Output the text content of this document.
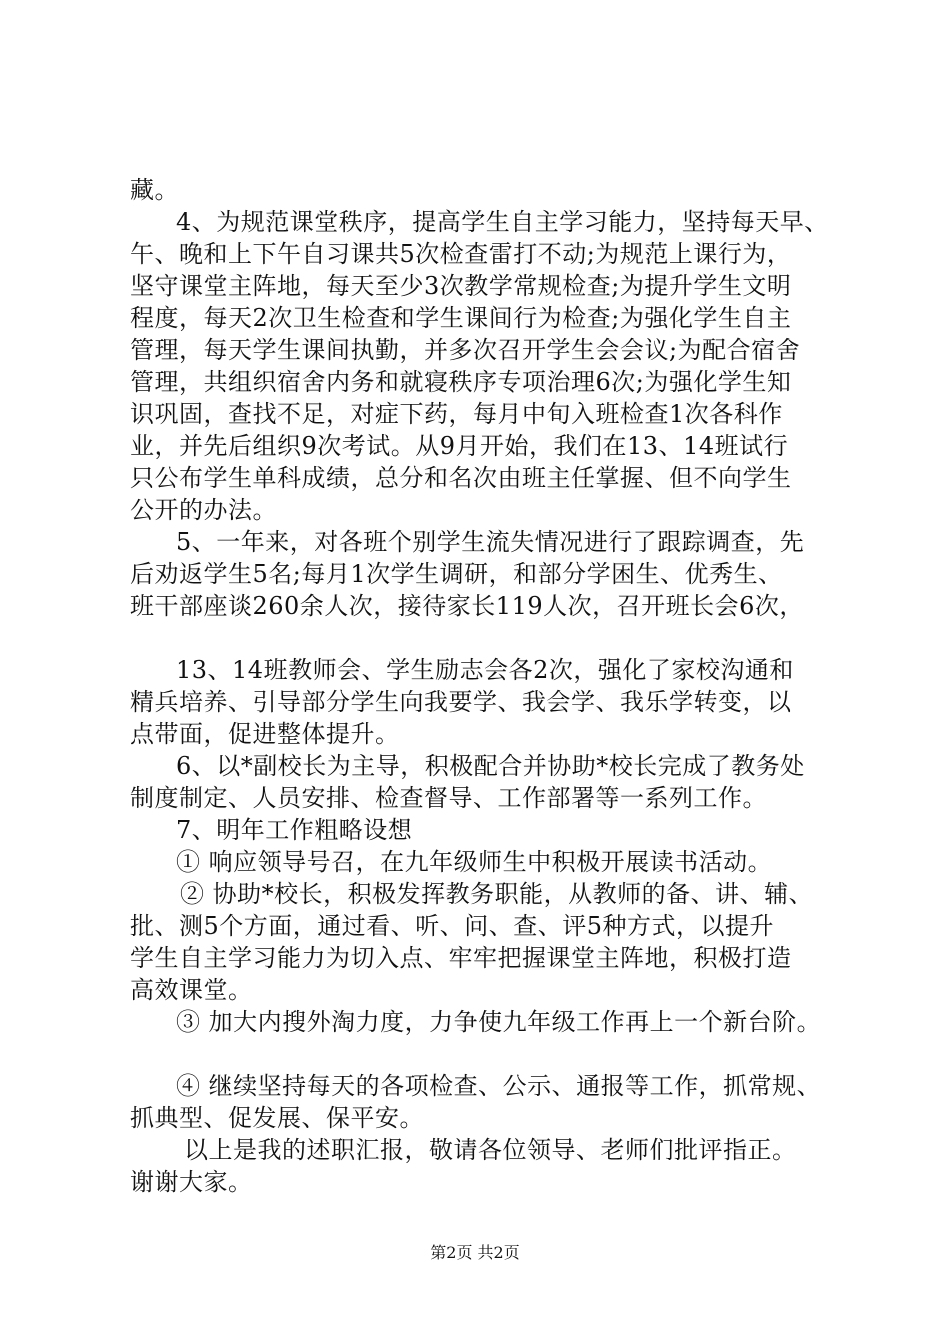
藏。
4、为规范课堂秩序，提高学生自主学习能力，坚持每天早、
午、晚和上下午自习课共5次检查雷打不动;为规范上课行为，
坚守课堂主阵地，每天至少3次教学常规检查;为提升学生文明
程度，每天2次卫生检查和学生课间行为检查;为强化学生自主
管理，每天学生课间执勤，并多次召开学生会会议;为配合宿舍
管理，共组织宿舍内务和就寝秩序专项治理6次;为强化学生知
识巩固，查找不足，对症下药，每月中旬入班检查1次各科作
业，并先后组织9次考试。从9月开始，我们在13、14班试行
只公布学生单科成绩，总分和名次由班主任掌握、但不向学生
公开的办法。
5、一年来，对各班个别学生流失情况进行了跟踪调查，先
后劝返学生5名;每月1次学生调研，和部分学困生、优秀生、
班干部座谈260余人次，接待家长119人次，召开班长会6次，
13、14班教师会、学生励志会各2次，强化了家校沟通和
精兵培养、引导部分学生向我要学、我会学、我乐学转变，以
点带面，促进整体提升。
6、以*副校长为主导，积极配合并协助*校长完成了教务处
制度制定、人员安排、检查督导、工作部署等一系列工作。
7、明年工作粗略设想
① 响应领导号召，在九年级师生中积极开展读书活动。
② 协助*校长，积极发挥教务职能，从教师的备、讲、辅、
批、测5个方面，通过看、听、问、查、评5种方式，以提升
学生自主学习能力为切入点、牢牢把握课堂主阵地，积极打造
高效课堂。
③ 加大内搜外淘力度，力争使九年级工作再上一个新台阶。
④ 继续坚持每天的各项检查、公示、通报等工作，抓常规、
抓典型、促发展、保平安。
以上是我的述职汇报，敬请各位领导、老师们批评指正。
谢谢大家。
第2页 共2页
